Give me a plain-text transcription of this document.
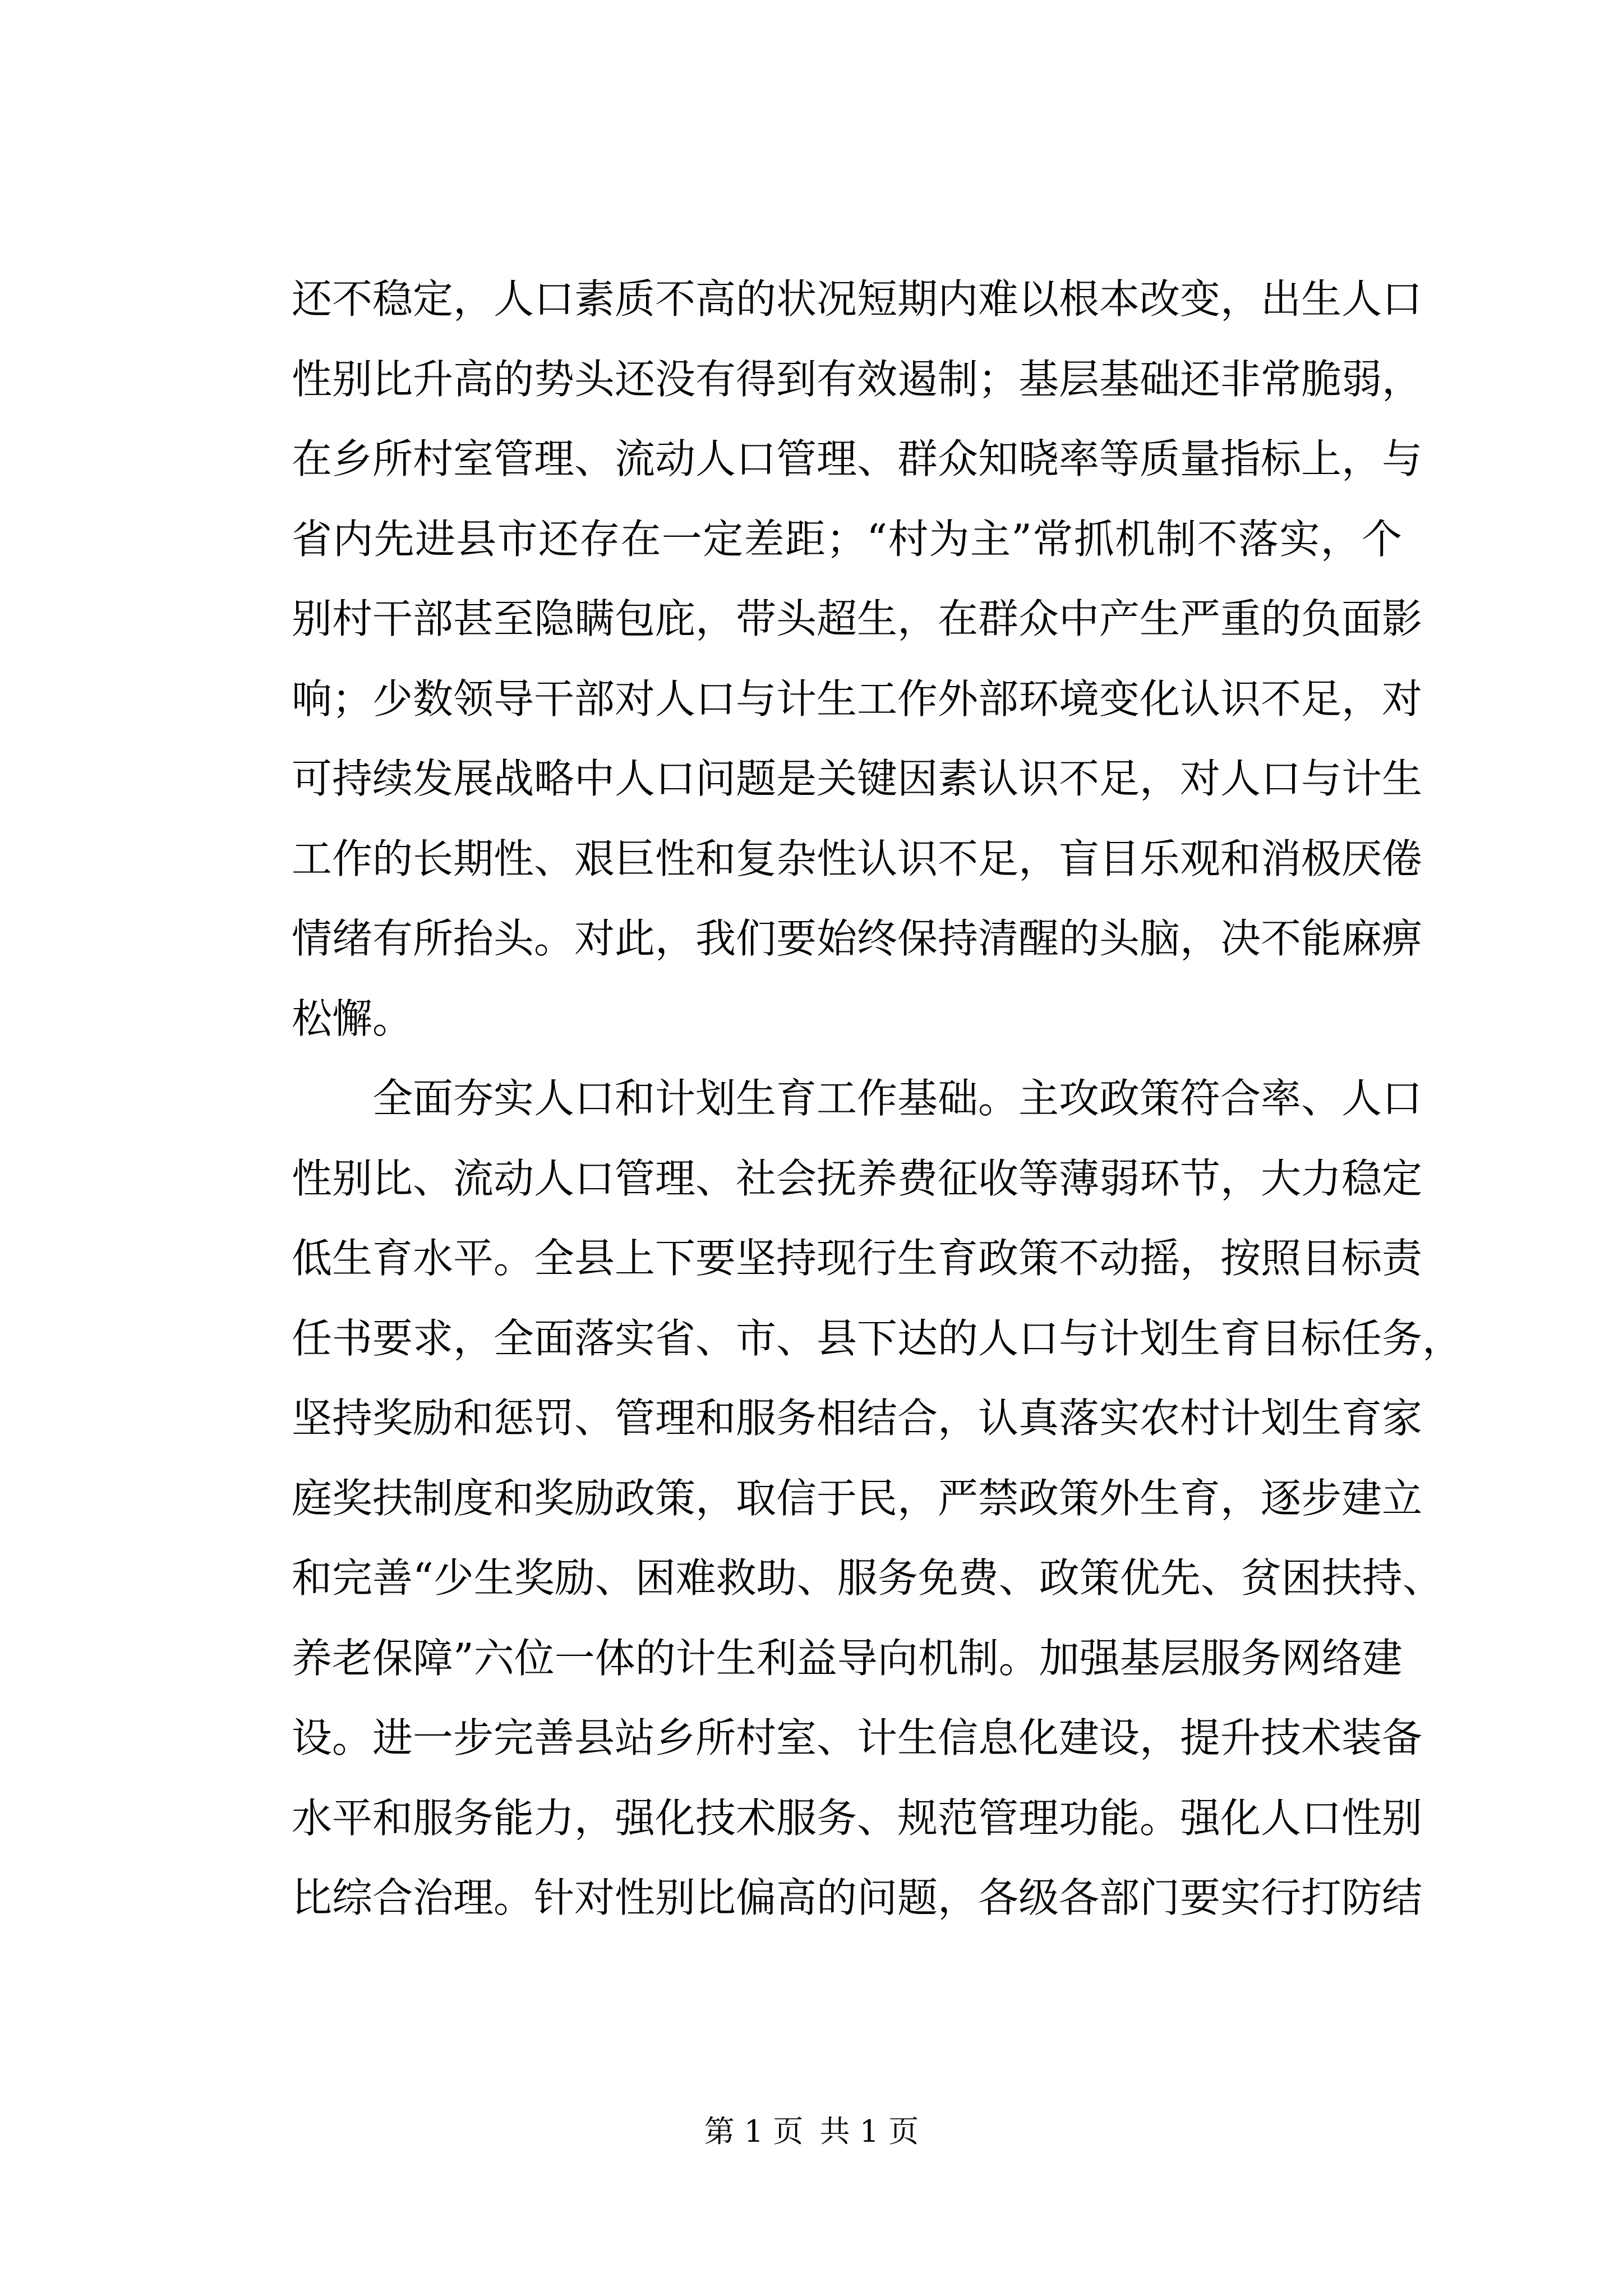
还不稳定，人口素质不高的状况短期内难以根本改变，出生人口
性别比升高的势头还没有得到有效遏制；基层基础还非常脆弱，
在乡所村室管理、流动人口管理、群众知晓率等质量指标上，与
省内先进县市还存在一定差距；“村为主”常抓机制不落实，个
别村干部甚至隐瞒包庇，带头超生，在群众中产生严重的负面影
响；少数领导干部对人口与计生工作外部环境变化认识不足，对
可持续发展战略中人口问题是关键因素认识不足，对人口与计生
工作的长期性、艰巨性和复杂性认识不足，盲目乐观和消极厌倦
情绪有所抬头。对此，我们要始终保持清醒的头脑，决不能麻痹
松懈。
全面夯实人口和计划生育工作基础。主攻政策符合率、人口
性别比、流动人口管理、社会抚养费征收等薄弱环节，大力稳定
低生育水平。全县上下要坚持现行生育政策不动摇，按照目标责
任书要求，全面落实省、市、县下达的人口与计划生育目标任务，
坚持奖励和惩罚、管理和服务相结合，认真落实农村计划生育家
庭奖扶制度和奖励政策，取信于民，严禁政策外生育，逐步建立
和完善“少生奖励、困难救助、服务免费、政策优先、贫困扶持、
养老保障”六位一体的计生利益导向机制。加强基层服务网络建
设。进一步完善县站乡所村室、计生信息化建设，提升技术装备
水平和服务能力，强化技术服务、规范管理功能。强化人口性别
比综合治理。针对性别比偏高的问题，各级各部门要实行打防结
第 1 页 共 1 页
